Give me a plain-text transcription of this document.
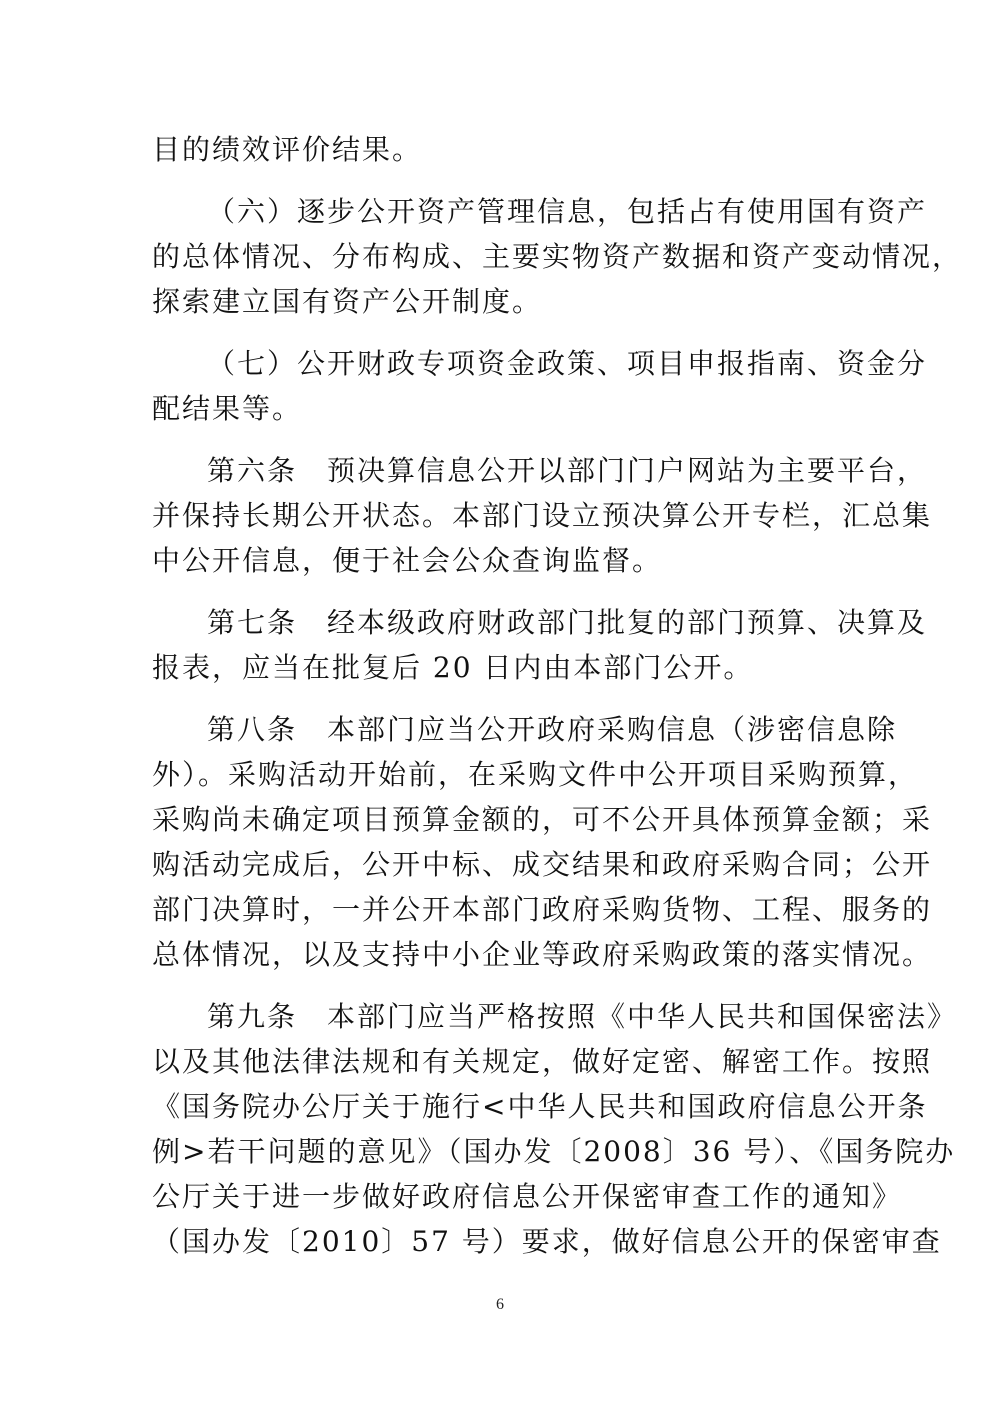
目的绩效评价结果。
（六）逐步公开资产管理信息，包括占有使用国有资产
的总体情况、分布构成、主要实物资产数据和资产变动情况，
探索建立国有资产公开制度。
（七）公开财政专项资金政策、项目申报指南、资金分
配结果等。
第六条　预决算信息公开以部门门户网站为主要平台，
并保持长期公开状态。本部门设立预决算公开专栏，汇总集
中公开信息，便于社会公众查询监督。
第七条　经本级政府财政部门批复的部门预算、决算及
报表，应当在批复后 20 日内由本部门公开。
第八条　本部门应当公开政府采购信息（涉密信息除
外）。采购活动开始前，在采购文件中公开项目采购预算，
采购尚未确定项目预算金额的，可不公开具体预算金额；采
购活动完成后，公开中标、成交结果和政府采购合同；公开
部门决算时，一并公开本部门政府采购货物、工程、服务的
总体情况，以及支持中小企业等政府采购政策的落实情况。
第九条　本部门应当严格按照《中华人民共和国保密法》
以及其他法律法规和有关规定，做好定密、解密工作。按照
《国务院办公厅关于施行<中华人民共和国政府信息公开条
例>若干问题的意见》（国办发〔2008〕36 号）、《国务院办
公厅关于进一步做好政府信息公开保密审查工作的通知》
（国办发〔2010〕57 号）要求，做好信息公开的保密审查
6
